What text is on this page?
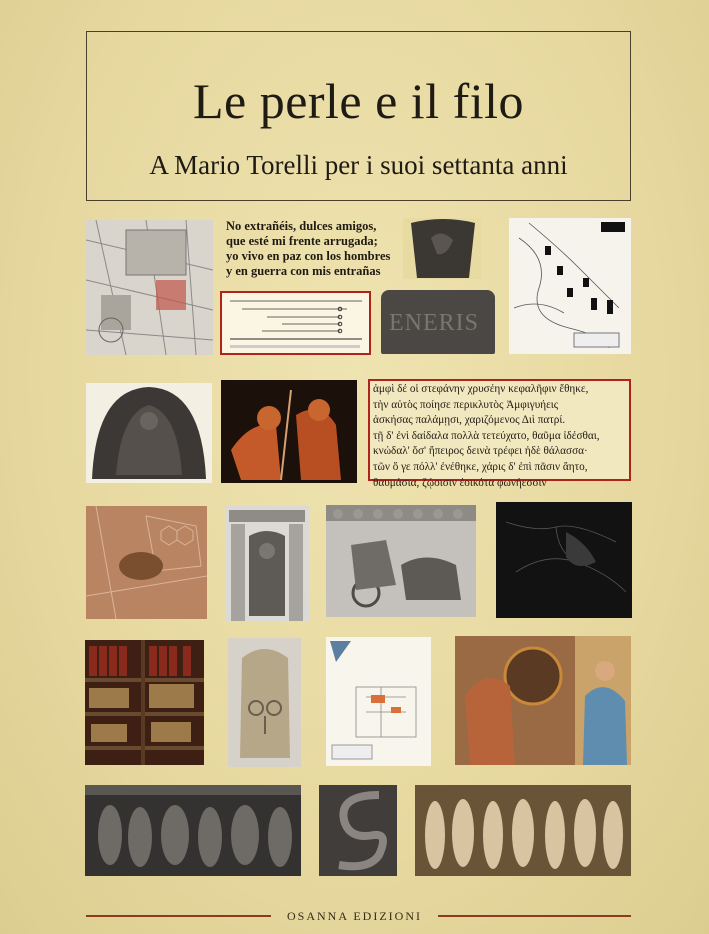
Le perle e il filo
A Mario Torelli per i suoi settanta anni
No extrañéis, dulces amigos,
que esté mi frente arrugada;
yo vivo en paz con los hombres
y en guerra con mis entrañas
ENERIS
ἀμφὶ δέ οἱ στεφάνην χρυσέην κεφαλῆφιν ἔθηκε,
τὴν αὐτὸς ποίησε περικλυτὸς Ἀμφιγυήεις
ἀσκήσας παλάμῃσι, χαριζόμενος Διὶ πατρί.
τῇ δ' ἐνὶ δαίδαλα πολλὰ τετεύχατο, θαῦμα ἰδέσθαι,
κνώδαλ' ὅσ' ἤπειρος δεινὰ τρέφει ἠδὲ θάλασσα·
τῶν ὅ γε πόλλ' ἐνέθηκε, χάρις δ' ἐπὶ πᾶσιν ἄητο,
θαυμάσια, ζῴοισιν ἐοικότα φωνήεσσιν
OSANNA EDIZIONI
